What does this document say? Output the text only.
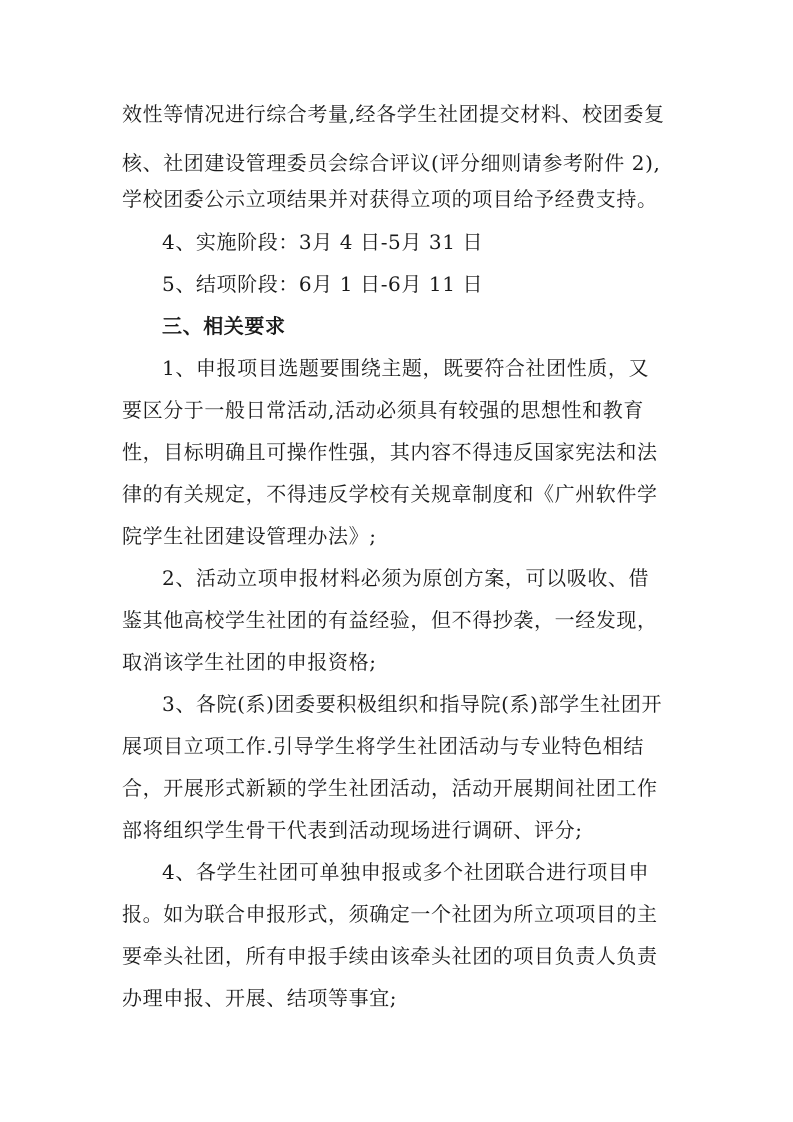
效性等情况进行综合考量,经各学生社团提交材料、校团委复
核、社团建设管理委员会综合评议(评分细则请参考附件 2),
学校团委公示立项结果并对获得立项的项目给予经费支持。
4、实施阶段：3月 4 日-5月 31 日
5、结项阶段：6月 1 日-6月 11 日
三、相关要求
1、申报项目选题要围绕主题，既要符合社团性质，又
要区分于一般日常活动,活动必须具有较强的思想性和教育
性，目标明确且可操作性强，其内容不得违反国家宪法和法
律的有关规定，不得违反学校有关规章制度和《广州软件学
院学生社团建设管理办法》;
2、活动立项申报材料必须为原创方案，可以吸收、借
鉴其他高校学生社团的有益经验，但不得抄袭，一经发现，
取消该学生社团的申报资格;
3、各院(系)团委要积极组织和指导院(系)部学生社团开
展项目立项工作.引导学生将学生社团活动与专业特色相结
合，开展形式新颖的学生社团活动，活动开展期间社团工作
部将组织学生骨干代表到活动现场进行调研、评分;
4、各学生社团可单独申报或多个社团联合进行项目申
报。如为联合申报形式，须确定一个社团为所立项项目的主
要牵头社团，所有申报手续由该牵头社团的项目负责人负责
办理申报、开展、结项等事宜;
